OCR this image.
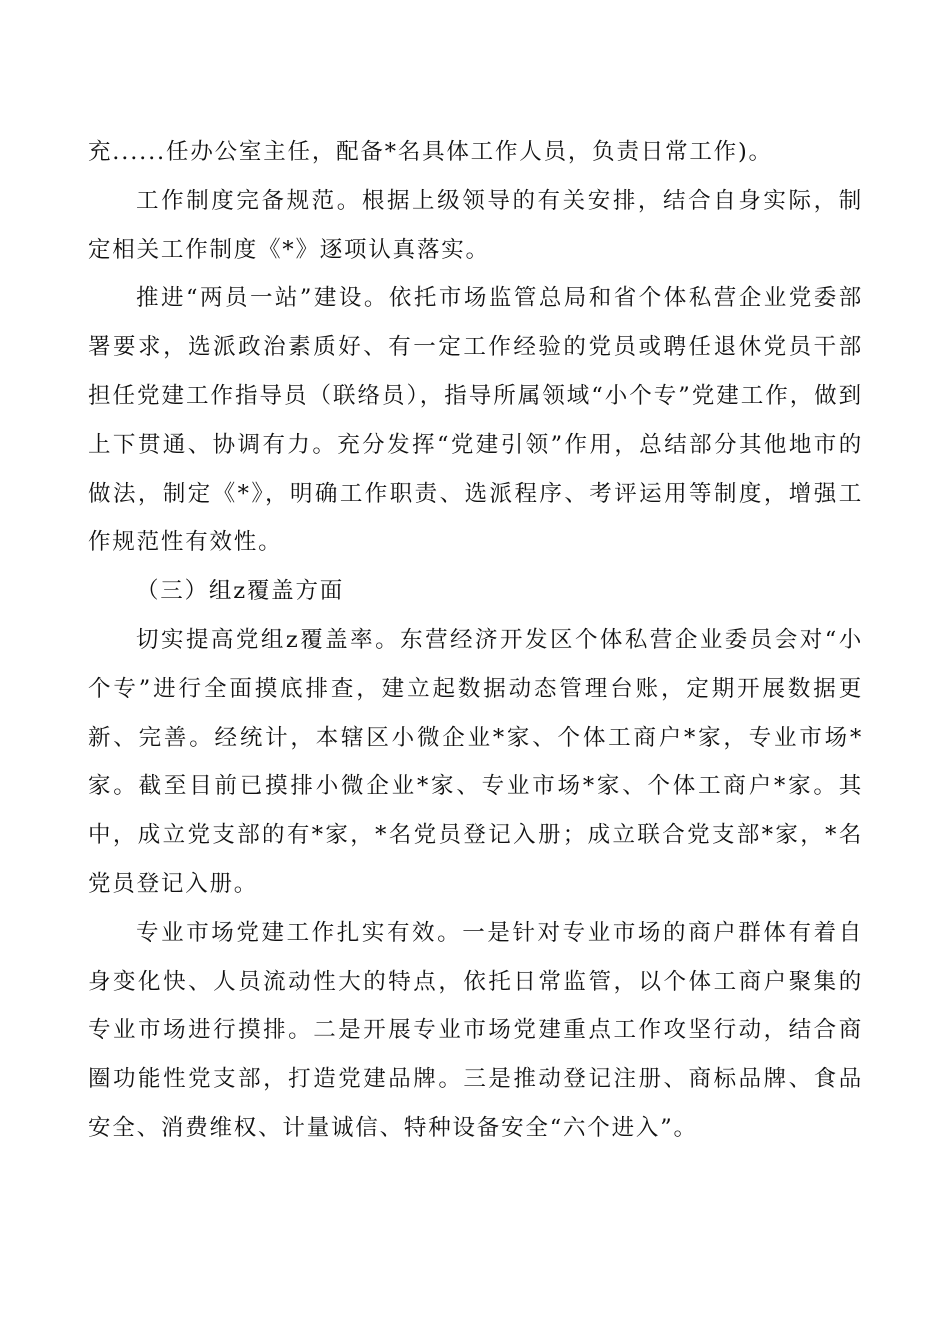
充......任办公室主任，配备*名具体工作人员，负责日常工作)。

工作制度完备规范。根据上级领导的有关安排，结合自身实际，制定相关工作制度《*》逐项认真落实。

推进“两员一站”建设。依托市场监管总局和省个体私营企业党委部署要求，选派政治素质好、有一定工作经验的党员或聘任退休党员干部担任党建工作指导员（联络员），指导所属领域“小个专”党建工作，做到上下贯通、协调有力。充分发挥“党建引领”作用，总结部分其他地市的做法，制定《*》，明确工作职责、选派程序、考评运用等制度，增强工作规范性有效性。

（三）组z覆盖方面

切实提高党组z覆盖率。东营经济开发区个体私营企业委员会对“小个专”进行全面摸底排查，建立起数据动态管理台账，定期开展数据更新、完善。经统计，本辖区小微企业*家、个体工商户*家，专业市场*家。截至目前已摸排小微企业*家、专业市场*家、个体工商户*家。其中，成立党支部的有*家，*名党员登记入册；成立联合党支部*家，*名党员登记入册。

专业市场党建工作扎实有效。一是针对专业市场的商户群体有着自身变化快、人员流动性大的特点，依托日常监管，以个体工商户聚集的专业市场进行摸排。二是开展专业市场党建重点工作攻坚行动，结合商圈功能性党支部，打造党建品牌。三是推动登记注册、商标品牌、食品安全、消费维权、计量诚信、特种设备安全“六个进入”。
